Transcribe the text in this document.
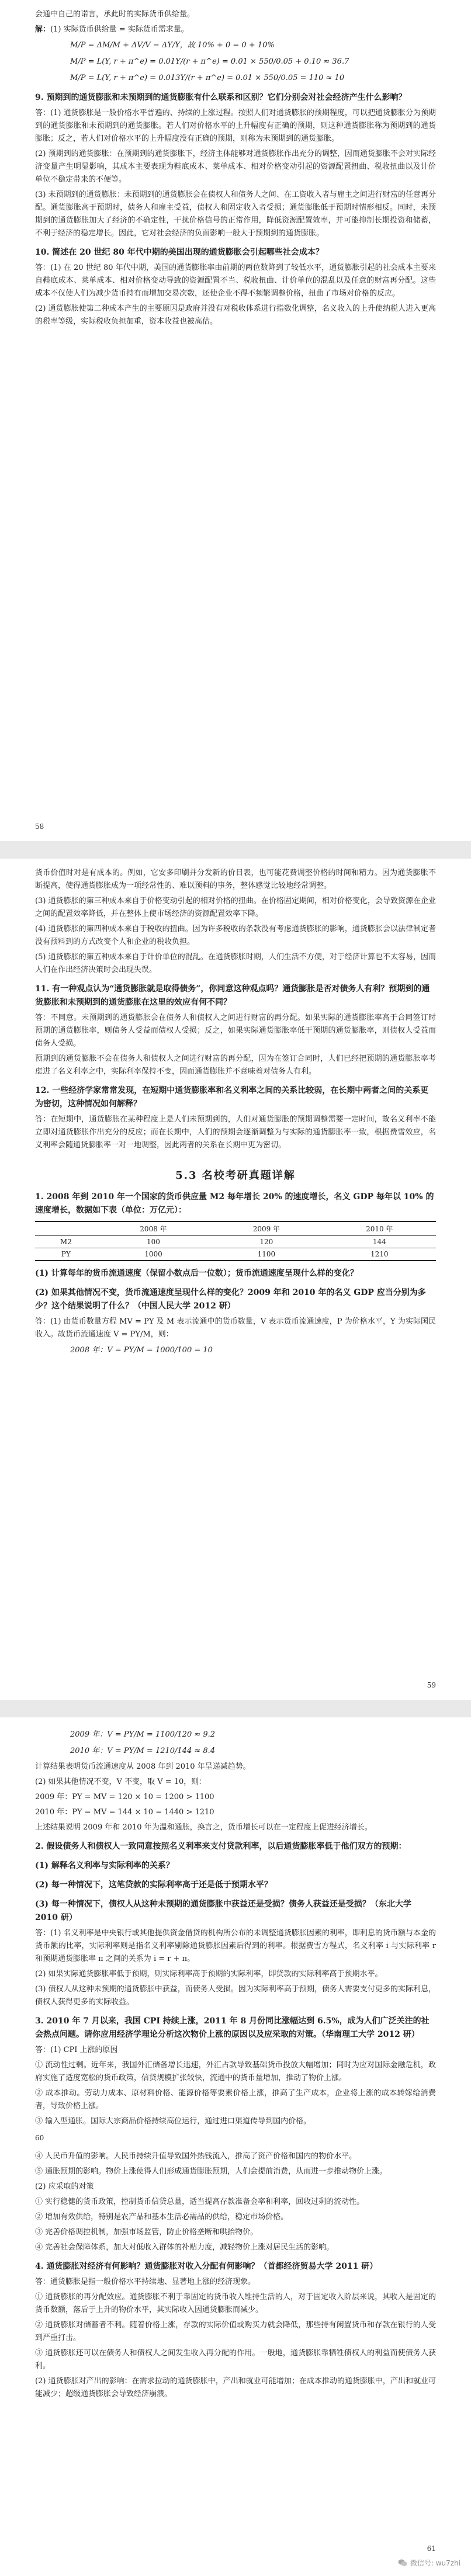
会通中自己的诺言，承此时的实际货币供给量。

解：(1) 实际货币供给量 = 实际货币需求量。

M/P = ΔM/M + ΔV/V − ΔY/Y，故 10% + 0 = 0 + 10%
M/P = L(Y, r + π^e) = 0.01Y/(r + π^e) = 0.01 × 550/0.05 + 0.10 ≈ 36.7
M/P = L(Y, r + π^e) = 0.013Y/(r + π^e) = 0.01 × 550/0.05 = 110 ≈ 10

9. 预期到的通货膨胀和未预期到的通货膨胀有什么联系和区别？它们分别会对社会经济产生什么影响？

答：(1) 通货膨胀是一般价格水平普遍的、持续的上涨过程。按照人们对通货膨胀的预期程度，可以把通货膨胀分为预期到的通货膨胀和未预期到的通货膨胀。若人们对价格水平的上升幅度有正确的预期，则这种通货膨胀称为预期到的通货膨胀；反之，若人们对价格水平的上升幅度没有正确的预期，则称为未预期到的通货膨胀。

(2) 预期到的通货膨胀：在预期到的通货膨胀下，经济主体能够对通货膨胀作出充分的调整，因而通货膨胀不会对实际经济变量产生明显影响，其成本主要表现为鞋底成本、菜单成本、相对价格变动引起的资源配置扭曲、税收扭曲以及计价单位不稳定带来的不便等。

(3) 未预期到的通货膨胀：未预期到的通货膨胀会在债权人和债务人之间、在工资收入者与雇主之间进行财富的任意再分配。通货膨胀高于预期时，债务人和雇主受益，债权人和固定收入者受损；通货膨胀低于预期时情形相反。同时，未预期到的通货膨胀加大了经济的不确定性，干扰价格信号的正常作用，降低资源配置效率，并可能抑制长期投资和储蓄，不利于经济的稳定增长。因此，它对社会经济的负面影响一般大于预期到的通货膨胀。

10. 简述在 20 世纪 80 年代中期的美国出现的通货膨胀会引起哪些社会成本？

答：(1) 在 20 世纪 80 年代中期，美国的通货膨胀率由前期的两位数降到了较低水平，通货膨胀引起的社会成本主要来自鞋底成本、菜单成本、相对价格变动导致的资源配置不当、税收扭曲、计价单位的混乱以及任意的财富再分配。这些成本不仅使人们为减少货币持有而增加交易次数，还使企业不得不频繁调整价格，扭曲了市场对价格的反应。

(2) 通货膨胀使第二种成本产生的主要原因是政府并没有对税收体系进行指数化调整，名义收入的上升使纳税人进入更高的税率等级，实际税收负担加重，资本收益也被高估。

58

货币价值时对是有成本的。例如，它安多印刷并分发新的价目表，也可能花费调整价格的时间和精力。因为通货膨胀不断提高，使得通货膨胀成为一项经常性的、难以预料的事务，整体感觉比较地经常调整。

(3) 通货膨胀的第三种成本来自于价格变动引起的相对价格的扭曲。在价格固定期间，相对价格变化，会导致资源在企业之间的配置效率降低，并在整体上使市场经济的资源配置效率下降。

(4) 通货膨胀的第四种成本来自于税收的扭曲。因为许多税收的条款没有考虑通货膨胀的影响，通货膨胀会以法律制定者没有预料到的方式改变个人和企业的税收负担。

(5) 通货膨胀的第五种成本来自于计价单位的混乱。在通货膨胀时期，人们生活不方便，对于经济计算也不太容易，因而人们在作出经济决策时会出现失误。

11. 有一种观点认为“通货膨胀就是取得债务”，你同意这种观点吗？通货膨胀是否对债务人有利？预期到的通货膨胀和未预期到的通货膨胀在这里的效应有何不同？

答：不同意。未预期到的通货膨胀会在债务人和债权人之间进行财富的再分配。如果实际的通货膨胀率高于合同签订时预期的通货膨胀率，则债务人受益而债权人受损；反之，如果实际通货膨胀率低于预期的通货膨胀率，则债权人受益而债务人受损。

预期到的通货膨胀不会在债务人和债权人之间进行财富的再分配，因为在签订合同时，人们已经把预期的通货膨胀率考虑进了名义利率之中，实际利率保持不变，因而通货膨胀并不意味着对债务人有利。

12. 一些经济学家常常发现，在短期中通货膨胀率和名义利率之间的关系比较弱，在长期中两者之间的关系更为密切，这种情况如何解释？

答：在短期中，通货膨胀在某种程度上是人们未预期到的，人们对通货膨胀的预期调整需要一定时间，故名义利率不能立即对通货膨胀作出充分的反应；而在长期中，人们的预期会逐渐调整为与实际的通货膨胀率一致，根据费雪效应，名义利率会随通货膨胀率一对一地调整，因此两者的关系在长期中更为密切。

5.3 名校考研真题详解

1. 2008 年到 2010 年一个国家的货币供应量 M2 每年增长 20% 的速度增长，名义 GDP 每年以 10% 的速度增长，数据如下表（单位：万亿元）：

	2008 年	2009 年	2010 年
M2	100	120	144
PY	1000	1100	1210

(1) 计算每年的货币流通速度（保留小数点后一位数）；货币流通速度呈现什么样的变化？

(2) 如果其他情况不变，货币流通速度呈现什么样的变化？2009 年和 2010 年的名义 GDP 应当分别为多少？这个结果说明了什么？（中国人民大学 2012 研）

答：(1) 由货币数量方程 MV = PY 及 M 表示流通中的货币数量，V 表示货币流通速度，P 为价格水平，Y 为实际国民收入。故货币流通速度 V = PY/M，则：

2008 年：V = PY/M = 1000/100 = 10
59
2009 年：V = PY/M = 1100/120 ≈ 9.2
2010 年：V = PY/M = 1210/144 ≈ 8.4

计算结果表明货币流通速度从 2008 年到 2010 年呈递减趋势。

(2) 如果其他情况不变，V 不变，取 V = 10，则：

2009 年：PY = MV = 120 × 10 = 1200 > 1100

2010 年：PY = MV = 144 × 10 = 1440 > 1210

上述结果说明 2009 年和 2010 年为温和通胀，换言之，货币增长可以在一定程度上促进经济增长。

2. 假设债务人和债权人一致同意按照名义利率来支付贷款利率，以后通货膨胀率低于他们双方的预期：

(1) 解释名义利率与实际利率的关系？

(2) 每一种情况下，这笔贷款的实际利率高于还是低于预期水平？

(3) 每一种情况下，债权人从这种未预期的通货膨胀中获益还是受损？债务人获益还是受损？（东北大学 2010 研）

答：(1) 名义利率是中央银行或其他提供资金借贷的机构所公布的未调整通货膨胀因素的利率，即利息的货币额与本金的货币额的比率，实际利率则是指名义利率剔除通货膨胀因素后得到的利率。根据费雪方程式，名义利率 i 与实际利率 r 和预期通货膨胀率 π 之间的关系为 i = r + π。

(2) 如果实际通货膨胀率低于预期，则实际利率高于预期的实际利率，即贷款的实际利率高于预期水平。

(3) 债权人从这种未预期的通货膨胀中获益，而债务人受损。因为实际利率高于预期，债务人需要支付更多的实际利息，债权人获得更多的实际收益。

3. 2010 年 7 月以来，我国 CPI 持续上涨，2011 年 8 月份同比涨幅达到 6.5%，成为人们广泛关注的社会热点问题。请你应用经济学理论分析这次物价上涨的原因以及应采取的对策。（华南理工大学 2012 研）

答：(1) CPI 上涨的原因

① 流动性过剩。近年来，我国外汇储备增长迅速，外汇占款导致基础货币投放大幅增加；同时为应对国际金融危机，政府实施了适度宽松的货币政策，信贷规模扩张较快，流通中的货币量增加，推动了物价上涨。

② 成本推动。劳动力成本、原材料价格、能源价格等要素价格上涨，推高了生产成本，企业将上涨的成本转嫁给消费者，导致价格上涨。

③ 输入型通胀。国际大宗商品价格持续高位运行，通过进口渠道传导到国内价格。

60

④ 人民币升值的影响。人民币持续升值导致国外热钱流入，推高了资产价格和国内的物价水平。

⑤ 通胀预期的影响。物价上涨使得人们形成通货膨胀预期，人们会提前消费，从而进一步推动物价上涨。

(2) 应采取的对策

① 实行稳健的货币政策，控制货币信贷总量，适当提高存款准备金率和利率，回收过剩的流动性。

② 增加有效供给，特别是农产品和基本生活必需品的供给，稳定市场价格。

③ 完善价格调控机制，加强市场监管，防止价格垄断和哄抬物价。

④ 完善社会保障体系，加大对低收入群体的补贴力度，减轻物价上涨对居民生活的影响。

4. 通货膨胀对经济有何影响？通货膨胀对收入分配有何影响？（首都经济贸易大学 2011 研）

答：通货膨胀是指一般价格水平持续地、显著地上涨的经济现象。

① 通货膨胀的再分配效应。通货膨胀不利于靠固定的货币收入维持生活的人，对于固定收入阶层来说，其收入是固定的货币数额，落后于上升的物价水平，其实际收入因通货膨胀而减少。

② 通货膨胀对储蓄者不利。随着价格上涨，存款的实际价值或购买力就会降低，那些持有闲置货币和存款在银行的人受到严重打击。

③ 通货膨胀还可以在债务人和债权人之间发生收入再分配的作用。一般地，通货膨胀靠牺牲债权人的利益而使债务人获利。

(2) 通货膨胀对产出的影响：在需求拉动的通货膨胀中，产出和就业可能增加；在成本推动的通货膨胀中，产出和就业可能减少；超级通货膨胀会导致经济崩溃。

61
微信号: wu7zhi
